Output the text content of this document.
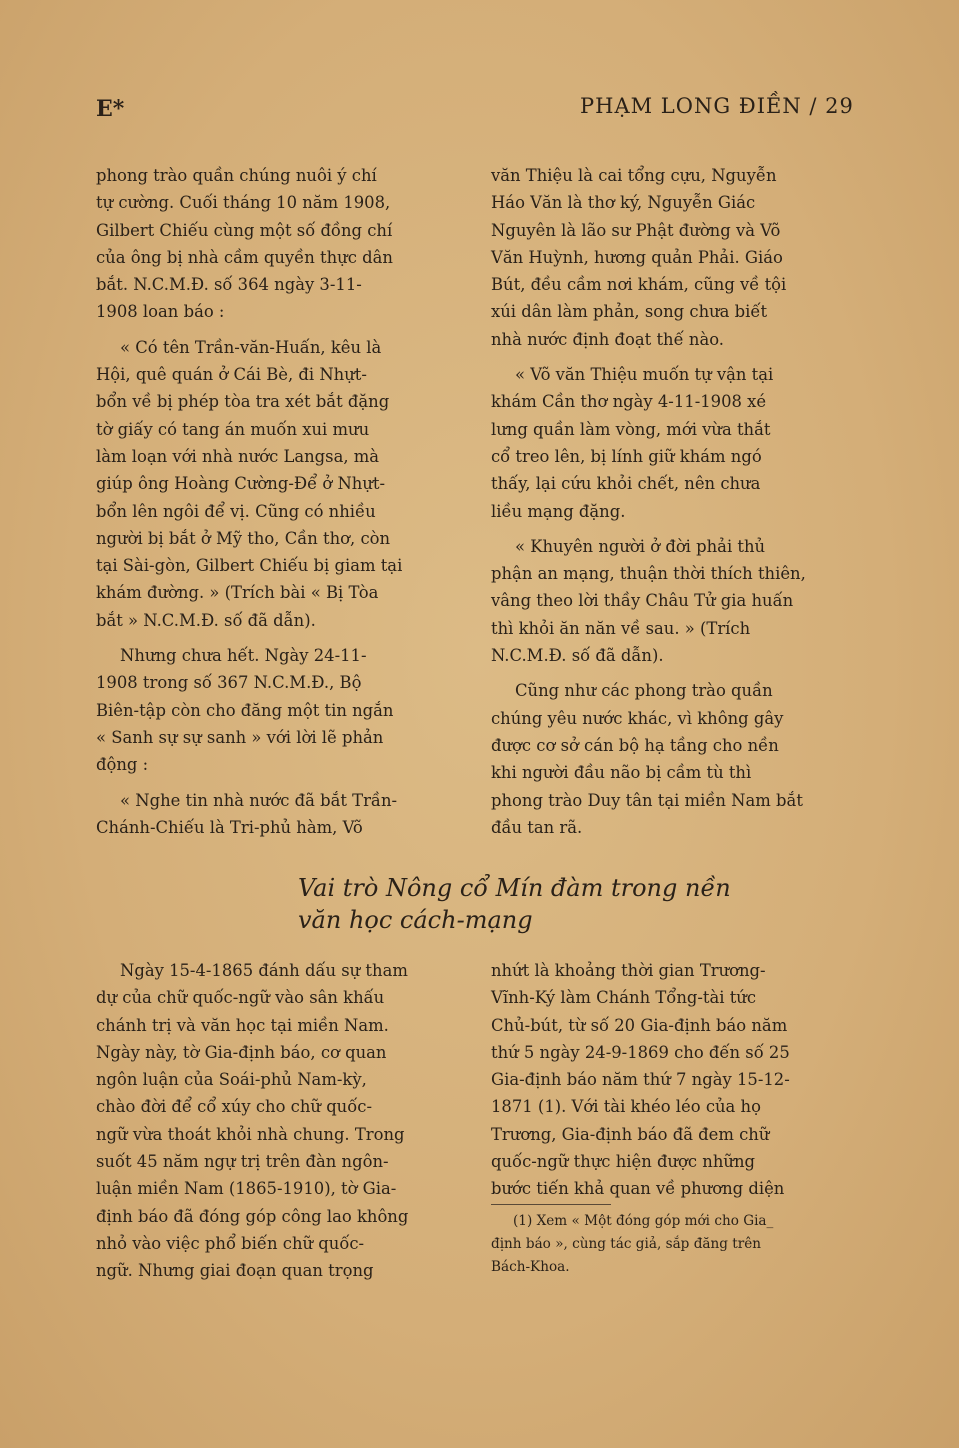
E*	PHẠM LONG ĐIỀN / 29

phong trào quần chúng nuôi ý chí
tự cường. Cuối tháng 10 năm 1908,
Gilbert Chiếu cùng một số đồng chí
của ông bị nhà cầm quyền thực dân
bắt. N.C.M.Đ. số 364 ngày 3-11-
1908 loan báo :

« Có tên Trần-văn-Huấn, kêu là
Hội, quê quán ở Cái Bè, đi Nhựt-
bổn về bị phép tòa tra xét bắt đặng
tờ giấy có tang án muốn xui mưu
làm loạn với nhà nước Langsa, mà
giúp ông Hoàng Cường-Để ở Nhựt-
bổn lên ngôi để vị. Cũng có nhiều
người bị bắt ở Mỹ tho, Cần thơ, còn
tại Sài-gòn, Gilbert Chiếu bị giam tại
khám đường. » (Trích bài « Bị Tòa
bắt » N.C.M.Đ. số đã dẫn).

Nhưng chưa hết. Ngày 24-11-
1908 trong số 367 N.C.M.Đ., Bộ
Biên-tập còn cho đăng một tin ngắn
« Sanh sự sự sanh » với lời lẽ phản
động :

« Nghe tin nhà nước đã bắt Trần-
Chánh-Chiếu là Tri-phủ hàm, Võ

văn Thiệu là cai tổng cựu, Nguyễn
Háo Văn là thơ ký, Nguyễn Giác
Nguyên là lão sư Phật đường và Võ
Văn Huỳnh, hương quản Phải. Giáo
Bút, đều cầm nơi khám, cũng về tội
xúi dân làm phản, song chưa biết
nhà nước định đoạt thế nào.

« Võ văn Thiệu muốn tự vận tại
khám Cần thơ ngày 4-11-1908 xé
lưng quần làm vòng, mới vừa thắt
cổ treo lên, bị lính giữ khám ngó
thấy, lại cứu khỏi chết, nên chưa
liều mạng đặng.

« Khuyên người ở đời phải thủ
phận an mạng, thuận thời thích thiên,
vâng theo lời thầy Châu Tử gia huấn
thì khỏi ăn năn về sau. » (Trích
N.C.M.Đ. số đã dẫn).

Cũng như các phong trào quần
chúng yêu nước khác, vì không gây
được cơ sở cán bộ hạ tầng cho nền
khi người đầu não bị cầm tù thì
phong trào Duy tân tại miền Nam bắt
đầu tan rã.

Vai trò Nông cổ Mín đàm trong nền
văn học cách-mạng

Ngày 15-4-1865 đánh dấu sự tham
dự của chữ quốc-ngữ vào sân khấu
chánh trị và văn học tại miền Nam.
Ngày này, tờ Gia-định báo, cơ quan
ngôn luận của Soái-phủ Nam-kỳ,
chào đời để cổ xúy cho chữ quốc-
ngữ vừa thoát khỏi nhà chung. Trong
suốt 45 năm ngự trị trên đàn ngôn-
luận miền Nam (1865-1910), tờ Gia-
định báo đã đóng góp công lao không
nhỏ vào việc phổ biến chữ quốc-
ngữ. Nhưng giai đoạn quan trọng

nhứt là khoảng thời gian Trương-
Vĩnh-Ký làm Chánh Tổng-tài tức
Chủ-bút, từ số 20 Gia-định báo năm
thứ 5 ngày 24-9-1869 cho đến số 25
Gia-định báo năm thứ 7 ngày 15-12-
1871 (1). Với tài khéo léo của họ
Trương, Gia-định báo đã đem chữ
quốc-ngữ thực hiện được những
bước tiến khả quan về phương diện

(1) Xem « Một đóng góp mới cho Gia_
định báo », cùng tác giả, sắp đăng trên
Bách-Khoa.
